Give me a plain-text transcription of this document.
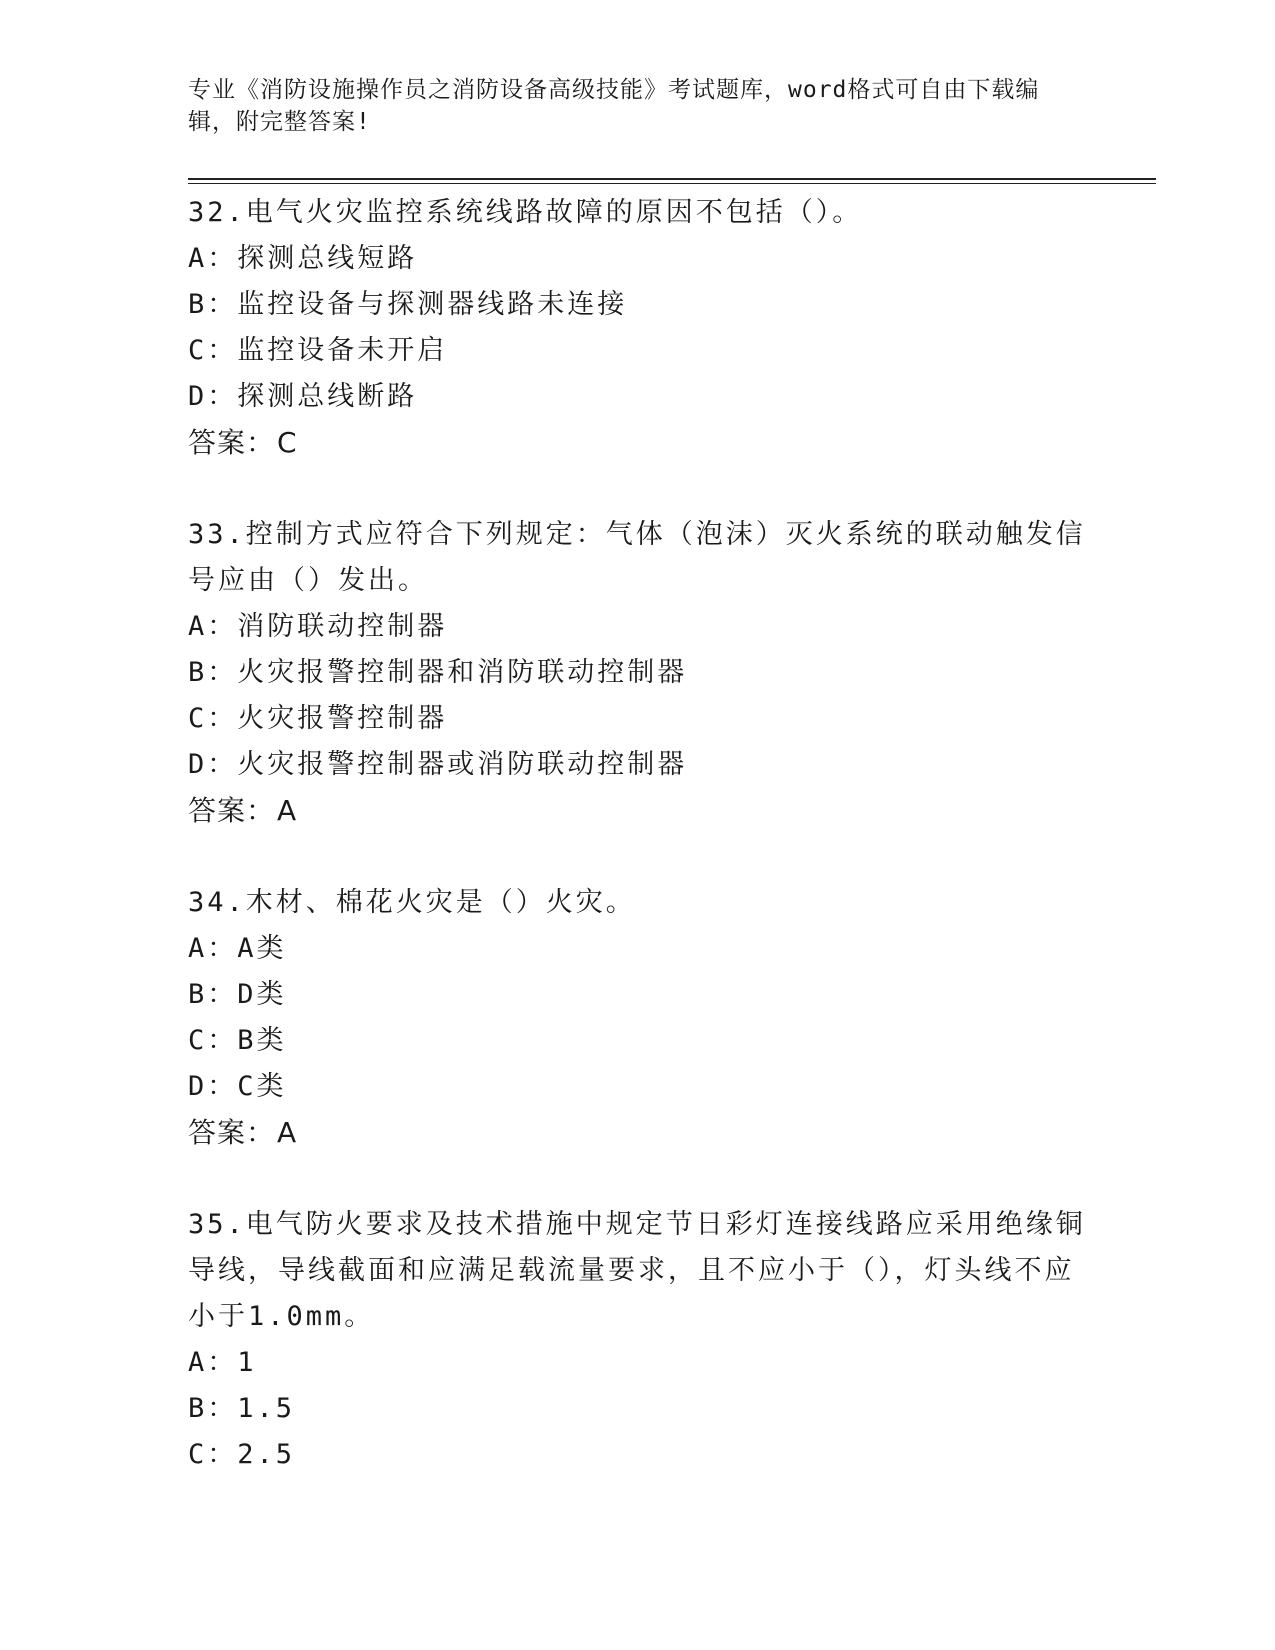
专业《消防设施操作员之消防设备高级技能》考试题库，word格式可自由下载编辑，附完整答案!
32.电气火灾监控系统线路故障的原因不包括（）。
A：探测总线短路
B：监控设备与探测器线路未连接
C：监控设备未开启
D：探测总线断路
答案：C
33.控制方式应符合下列规定：气体（泡沫）灭火系统的联动触发信号应由（）发出。
A：消防联动控制器
B：火灾报警控制器和消防联动控制器
C：火灾报警控制器
D：火灾报警控制器或消防联动控制器
答案：A
34.木材、棉花火灾是（）火灾。
A：A类
B：D类
C：B类
D：C类
答案：A
35.电气防火要求及技术措施中规定节日彩灯连接线路应采用绝缘铜导线，导线截面和应满足载流量要求，且不应小于（），灯头线不应小于1.0mm。
A：1
B：1.5
C：2.5
